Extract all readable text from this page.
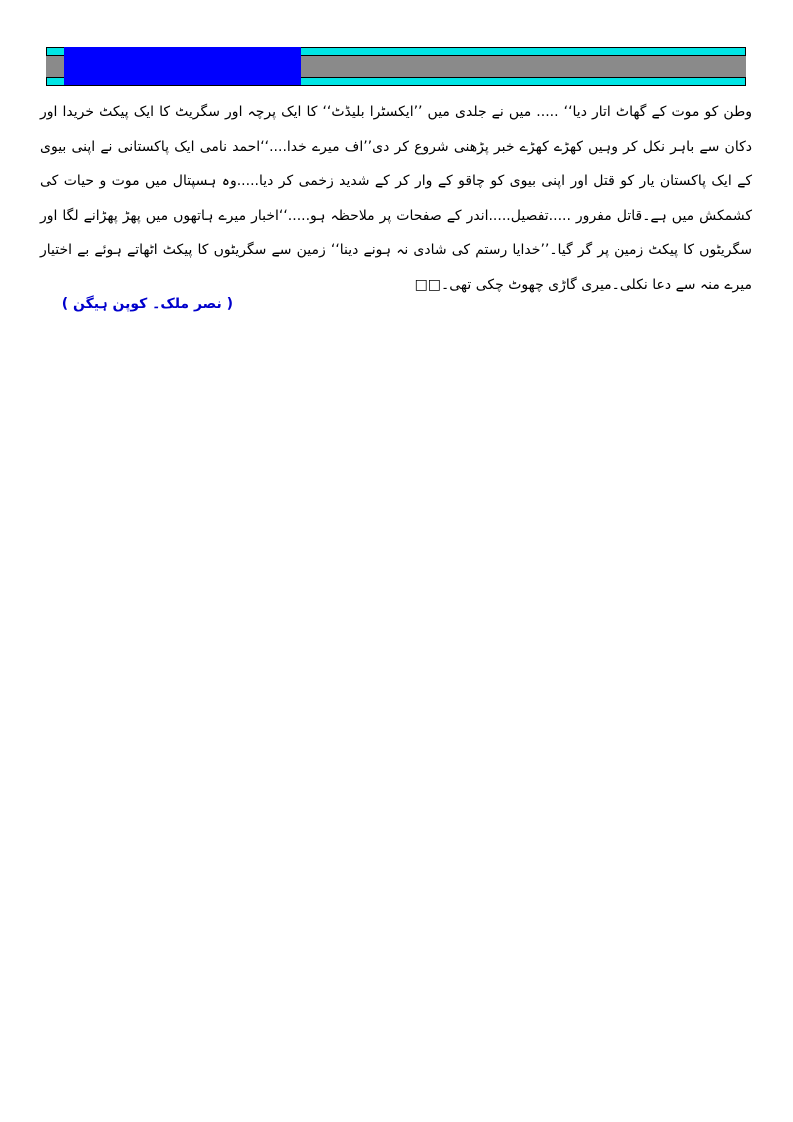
وطن کو موت کے گھاٹ اتار دیا‘‘ ..... میں نے جلدی میں ’’ایکسٹرا بلیڈٹ‘‘ کا ایک پرچہ اور سگریٹ کا ایک پیکٹ خریدا اور دکان سے باہر نکل کر وہیں کھڑے کھڑے خبر پڑھنی شروع کر دی’’اف میرے خدا....‘‘احمد نامی ایک پاکستانی نے اپنی بیوی کے ایک پاکستان یار کو قتل اور اپنی بیوی کو چاقو کے وار کر کے شدید زخمی کر دیا.....وہ ہسپتال میں موت و حیات کی کشمکش میں ہے۔قاتل مفرور .....تفصیل.....اندر کے صفحات پر ملاحظہ ہو.....‘‘اخبار میرے ہاتھوں میں پھڑ پھڑانے لگا اور سگریٹوں کا پیکٹ زمین پر گر گیا۔’’خدایا رستم کی شادی نہ ہونے دینا‘‘ زمین سے سگریٹوں کا پیکٹ اٹھاتے ہوئے بے اختیار میرے منہ سے دعا نکلی۔میری گاڑی چھوٹ چکی تھی۔□□

( نصر ملک۔ کوپن ہیگن )
